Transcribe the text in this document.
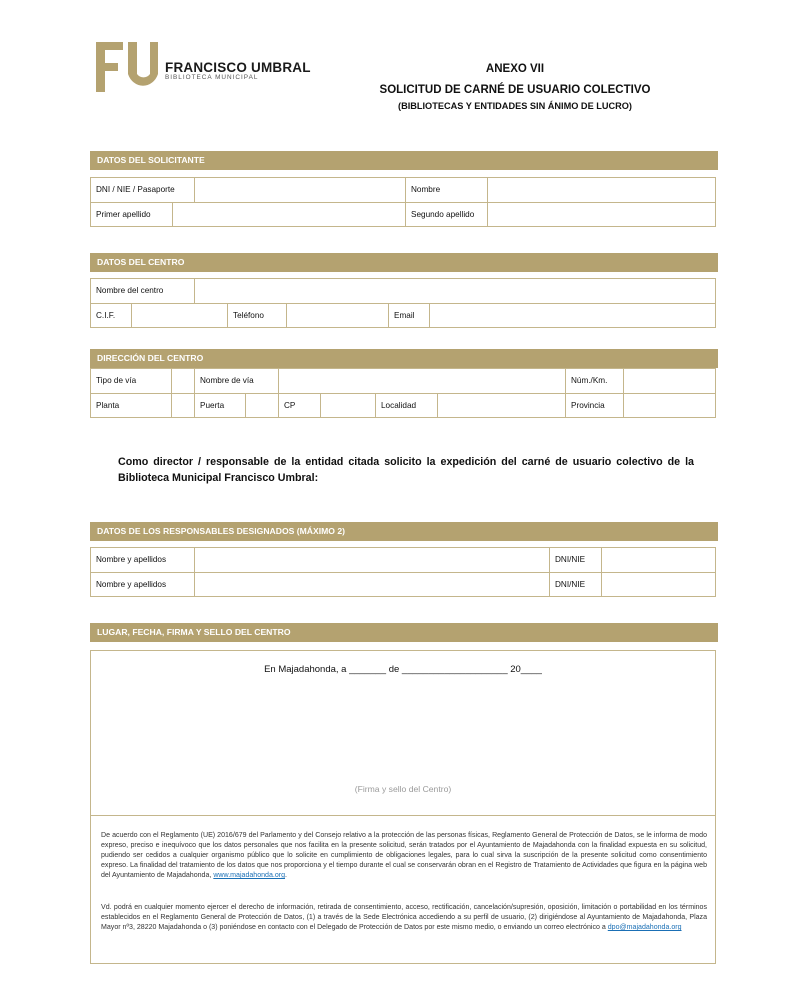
FRANCISCO UMBRAL
BIBLIOTECA MUNICIPAL
ANEXO VII
SOLICITUD DE CARNÉ DE USUARIO COLECTIVO
(BIBLIOTECAS Y ENTIDADES SIN ÁNIMO DE LUCRO)
DATOS DEL SOLICITANTE
DNI / NIE / Pasaporte	Nombre
Primer apellido	Segundo apellido
DATOS DEL CENTRO
Nombre del centro
C.I.F.	Teléfono	Email
DIRECCIÓN DEL CENTRO
Tipo de vía	Nombre de vía	Núm./Km.
Planta	Puerta	CP	Localidad	Provincia
Como director / responsable de la entidad citada solicito la expedición del carné de usuario colectivo de la Biblioteca Municipal Francisco Umbral:
DATOS DE LOS RESPONSABLES DESIGNADOS (MÁXIMO 2)
Nombre y apellidos	DNI/NIE
Nombre y apellidos	DNI/NIE
LUGAR, FECHA, FIRMA Y SELLO DEL CENTRO
En Majadahonda, a _______ de ____________________ 20____
(Firma y sello del Centro)
De acuerdo con el Reglamento (UE) 2016/679 del Parlamento y del Consejo relativo a la protección de las personas físicas, Reglamento General de Protección de Datos, se le informa de modo expreso, preciso e inequívoco que los datos personales que nos facilita en la presente solicitud, serán tratados por el Ayuntamiento de Majadahonda con la finalidad expuesta en su solicitud, pudiendo ser cedidos a cualquier organismo público que lo solicite en cumplimiento de obligaciones legales, para lo cual sirva la suscripción de la presente solicitud como consentimiento expreso. La finalidad del tratamiento de los datos que nos proporciona y el tiempo durante el cual se conservarán obran en el Registro de Tratamiento de Actividades que figura en la página web del Ayuntamiento de Majadahonda, www.majadahonda.org.
Vd. podrá en cualquier momento ejercer el derecho de información, retirada de consentimiento, acceso, rectificación, cancelación/supresión, oposición, limitación o portabilidad en los términos establecidos en el Reglamento General de Protección de Datos, (1) a través de la Sede Electrónica accediendo a su perfil de usuario, (2) dirigiéndose al Ayuntamiento de Majadahonda, Plaza Mayor nº3, 28220 Majadahonda o (3) poniéndose en contacto con el Delegado de Protección de Datos por este mismo medio, o enviando un correo electrónico a dpo@majadahonda.org
